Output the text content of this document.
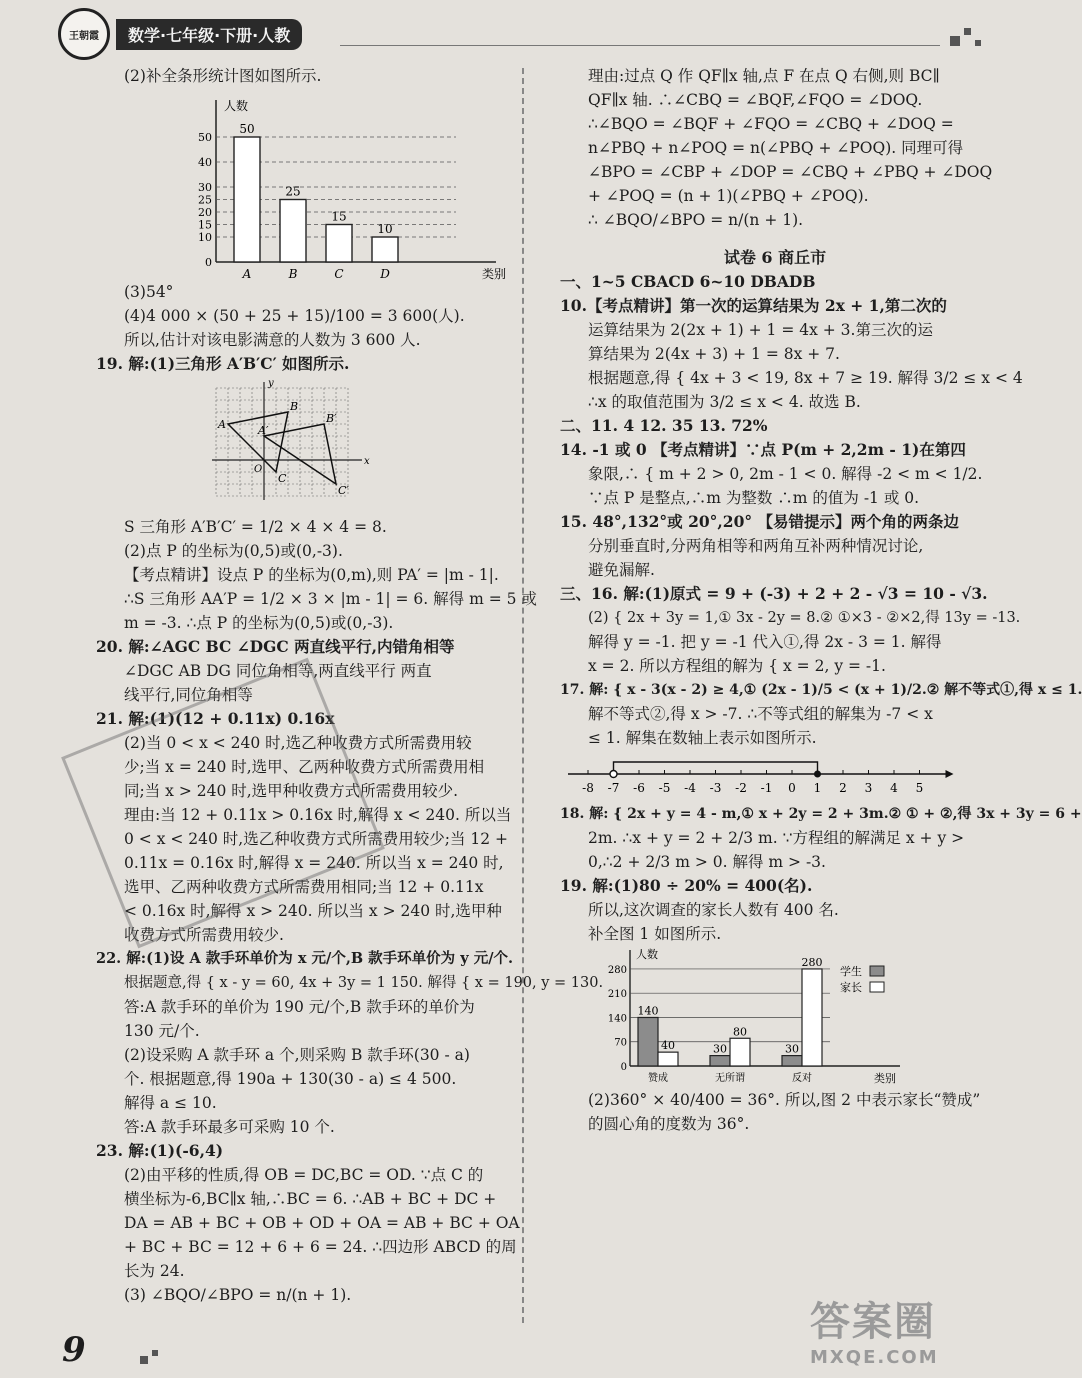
王朝霞	数学·七年级·下册·人教

(2)补全条形统计图如图所示.

人数
类别
10
15
20
25
30
40
50
0
50
A
25
B
15
C
10
D

(3)54°

(4)4 000 × (50 + 25 + 15)/100 = 3 600(人).

所以,估计对该电影满意的人数为 3 600 人.

19. 解:(1)三角形 A′B′C′ 如图所示.

x
y
O
A
B
C
A′
B′
C′

S 三角形 A′B′C′ = 1/2 × 4 × 4 = 8.

(2)点 P 的坐标为(0,5)或(0,-3).

【考点精讲】设点 P 的坐标为(0,m),则 PA′ = |m - 1|.

∴S 三角形 AA′P = 1/2 × 3 × |m - 1| = 6. 解得 m = 5 或

m = -3. ∴点 P 的坐标为(0,5)或(0,-3).

20. 解:∠AGC BC ∠DGC 两直线平行,内错角相等

∠DGC AB DG 同位角相等,两直线平行 两直

线平行,同位角相等

21. 解:(1)(12 + 0.11x) 0.16x

(2)当 0 < x < 240 时,选乙种收费方式所需费用较

少;当 x = 240 时,选甲、乙两种收费方式所需费用相

同;当 x > 240 时,选甲种收费方式所需费用较少.

理由:当 12 + 0.11x > 0.16x 时,解得 x < 240. 所以当

0 < x < 240 时,选乙种收费方式所需费用较少;当 12 +

0.11x = 0.16x 时,解得 x = 240. 所以当 x = 240 时,

选甲、乙两种收费方式所需费用相同;当 12 + 0.11x

< 0.16x 时,解得 x > 240. 所以当 x > 240 时,选甲种

收费方式所需费用较少.

22. 解:(1)设 A 款手环单价为 x 元/个,B 款手环单价为 y 元/个.

根据题意,得 { x - y = 60, 4x + 3y = 1 150. 解得 { x = 190, y = 130.

答:A 款手环的单价为 190 元/个,B 款手环的单价为

130 元/个.

(2)设采购 A 款手环 a 个,则采购 B 款手环(30 - a)

个. 根据题意,得 190a + 130(30 - a) ≤ 4 500.

解得 a ≤ 10.

答:A 款手环最多可采购 10 个.

23. 解:(1)(-6,4)

(2)由平移的性质,得 OB = DC,BC = OD. ∵点 C 的

横坐标为-6,BC∥x 轴,∴BC = 6. ∴AB + BC + DC +

DA = AB + BC + OB + OD + OA = AB + BC + OA

+ BC + BC = 12 + 6 + 6 = 24. ∴四边形 ABCD 的周

长为 24.

(3) ∠BQO/∠BPO = n/(n + 1).

理由:过点 Q 作 QF∥x 轴,点 F 在点 Q 右侧,则 BC∥

QF∥x 轴. ∴∠CBQ = ∠BQF,∠FQO = ∠DOQ.

∴∠BQO = ∠BQF + ∠FQO = ∠CBQ + ∠DOQ =

n∠PBQ + n∠POQ = n(∠PBQ + ∠POQ). 同理可得

∠BPO = ∠CBP + ∠DOP = ∠CBQ + ∠PBQ + ∠DOQ

+ ∠POQ = (n + 1)(∠PBQ + ∠POQ).

∴ ∠BQO/∠BPO = n/(n + 1).

试卷 6 商丘市

一、1~5 CBACD 6~10 DBADB

10.【考点精讲】第一次的运算结果为 2x + 1,第二次的

运算结果为 2(2x + 1) + 1 = 4x + 3.第三次的运

算结果为 2(4x + 3) + 1 = 8x + 7.

根据题意,得 { 4x + 3 < 19, 8x + 7 ≥ 19. 解得 3/2 ≤ x < 4

∴x 的取值范围为 3/2 ≤ x < 4. 故选 B.

二、11. 4 12. 35 13. 72%

14. -1 或 0 【考点精讲】∵点 P(m + 2,2m - 1)在第四

象限,∴ { m + 2 > 0, 2m - 1 < 0. 解得 -2 < m < 1/2.

∵点 P 是整点,∴m 为整数 ∴m 的值为 -1 或 0.

15. 48°,132°或 20°,20° 【易错提示】两个角的两条边

分别垂直时,分两角相等和两角互补两种情况讨论,

避免漏解.

三、16. 解:(1)原式 = 9 + (-3) + 2 + 2 - √3 = 10 - √3.

(2) { 2x + 3y = 1,① 3x - 2y = 8.② ①×3 - ②×2,得 13y = -13.

解得 y = -1. 把 y = -1 代入①,得 2x - 3 = 1. 解得

x = 2. 所以方程组的解为 { x = 2, y = -1.

17. 解: { x - 3(x - 2) ≥ 4,① (2x - 1)/5 < (x + 1)/2.② 解不等式①,得 x ≤ 1.

解不等式②,得 x > -7. ∴不等式组的解集为 -7 < x

≤ 1. 解集在数轴上表示如图所示.

-8 -7 -6 -5 -4 -3 -2 -1 0 1 2 3 4 5

18. 解: { 2x + y = 4 - m,① x + 2y = 2 + 3m.② ① + ②,得 3x + 3y = 6 +

2m. ∴x + y = 2 + 2/3 m. ∵方程组的解满足 x + y >

0,∴2 + 2/3 m > 0. 解得 m > -3.

19. 解:(1)80 ÷ 20% = 400(名).

所以,这次调查的家长人数有 400 名.

补全图 1 如图所示.

人数
类别
70
140
210
280
0
140
40
赞成
30
80
无所谓
30
280
反对
学生
家长

(2)360° × 40/400 = 36°. 所以,图 2 中表示家长“赞成”

的圆心角的度数为 36°.

9
答案圈
MXQE.COM
